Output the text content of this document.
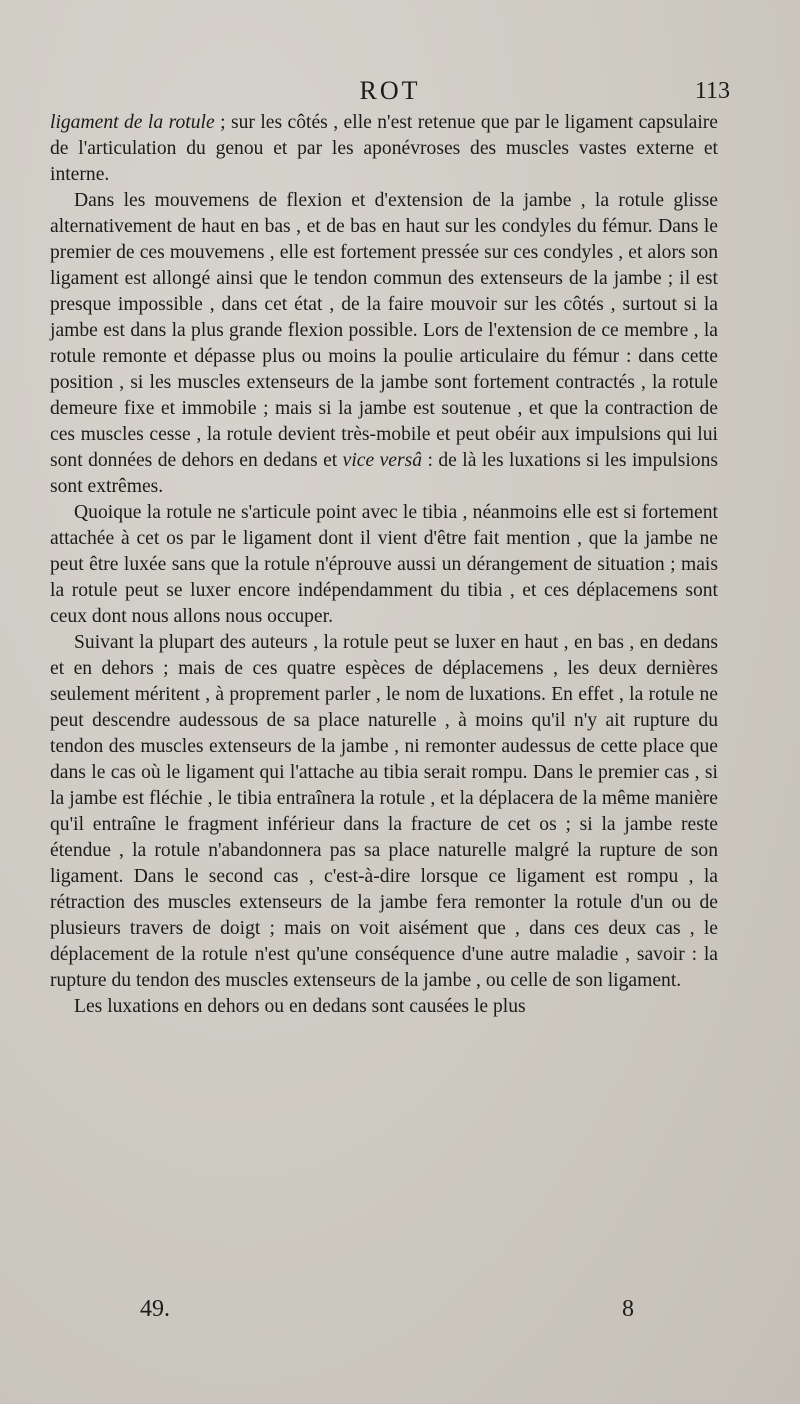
ROT	113

ligament de la rotule ; sur les côtés , elle n'est retenue que par le ligament capsulaire de l'articulation du genou et par les aponévroses des muscles vastes externe et interne.

Dans les mouvemens de flexion et d'extension de la jambe , la rotule glisse alternativement de haut en bas , et de bas en haut sur les condyles du fémur. Dans le premier de ces mouvemens , elle est fortement pressée sur ces condyles , et alors son ligament est allongé ainsi que le tendon commun des extenseurs de la jambe ; il est presque impossible , dans cet état , de la faire mouvoir sur les côtés , surtout si la jambe est dans la plus grande flexion possible. Lors de l'extension de ce membre , la rotule remonte et dépasse plus ou moins la poulie articulaire du fémur : dans cette position , si les muscles extenseurs de la jambe sont fortement contractés , la rotule demeure fixe et immobile ; mais si la jambe est soutenue , et que la contraction de ces muscles cesse , la rotule devient très-mobile et peut obéir aux impulsions qui lui sont données de dehors en dedans et vice versâ : de là les luxations si les impulsions sont extrêmes.

Quoique la rotule ne s'articule point avec le tibia , néanmoins elle est si fortement attachée à cet os par le ligament dont il vient d'être fait mention , que la jambe ne peut être luxée sans que la rotule n'éprouve aussi un dérangement de situation ; mais la rotule peut se luxer encore indépendamment du tibia , et ces déplacemens sont ceux dont nous allons nous occuper.

Suivant la plupart des auteurs , la rotule peut se luxer en haut , en bas , en dedans et en dehors ; mais de ces quatre espèces de déplacemens , les deux dernières seulement méritent , à proprement parler , le nom de luxations. En effet , la rotule ne peut descendre audessous de sa place naturelle , à moins qu'il n'y ait rupture du tendon des muscles extenseurs de la jambe , ni remonter audessus de cette place que dans le cas où le ligament qui l'attache au tibia serait rompu. Dans le premier cas , si la jambe est fléchie , le tibia entraînera la rotule , et la déplacera de la même manière qu'il entraîne le fragment inférieur dans la fracture de cet os ; si la jambe reste étendue , la rotule n'abandonnera pas sa place naturelle malgré la rupture de son ligament. Dans le second cas , c'est-à-dire lorsque ce ligament est rompu , la rétraction des muscles extenseurs de la jambe fera remonter la rotule d'un ou de plusieurs travers de doigt ; mais on voit aisément que , dans ces deux cas , le déplacement de la rotule n'est qu'une conséquence d'une autre maladie , savoir : la rupture du tendon des muscles extenseurs de la jambe , ou celle de son ligament.

Les luxations en dehors ou en dedans sont causées le plus

49.	8
